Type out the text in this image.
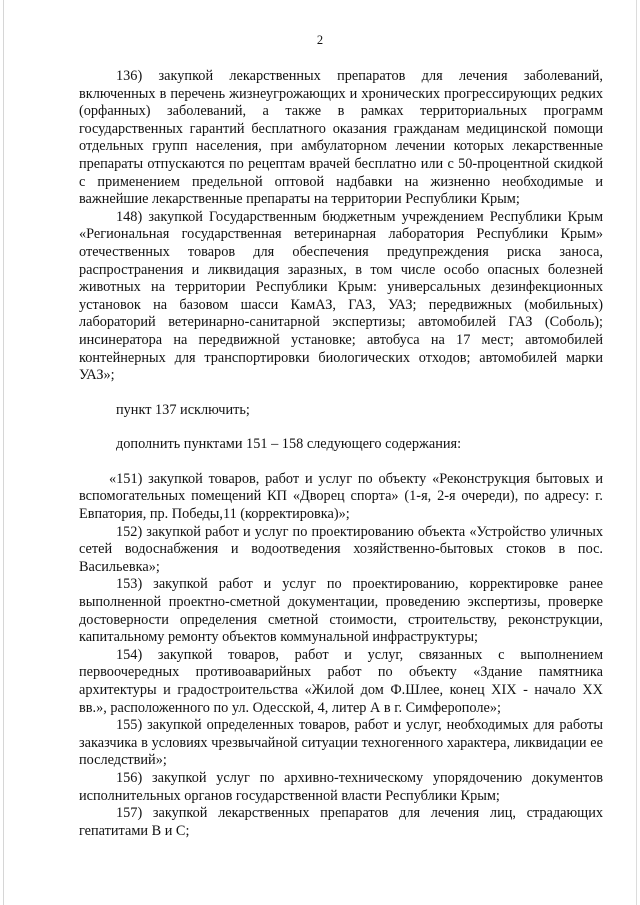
2

136) закупкой лекарственных препаратов для лечения заболеваний, включенных в перечень жизнеугрожающих и хронических прогрессирующих редких (орфанных) заболеваний, а также в рамках территориальных программ государственных гарантий бесплатного оказания гражданам медицинской помощи отдельных групп населения, при амбулаторном лечении которых лекарственные препараты отпускаются по рецептам врачей бесплатно или с 50-процентной скидкой с применением предельной оптовой надбавки на жизненно необходимые и важнейшие лекарственные препараты на территории Республики Крым;

148) закупкой Государственным бюджетным учреждением Республики Крым «Региональная государственная ветеринарная лаборатория Республики Крым» отечественных товаров для обеспечения предупреждения риска заноса, распространения и ликвидация заразных, в том числе особо опасных болезней животных на территории Республики Крым: универсальных дезинфекционных установок на базовом шасси КамАЗ, ГАЗ, УАЗ; передвижных (мобильных) лабораторий ветеринарно-санитарной экспертизы; автомобилей ГАЗ (Соболь); инсинератора на передвижной установке; автобуса на 17 мест; автомобилей контейнерных для транспортировки биологических отходов; автомобилей марки УАЗ»;

пункт 137 исключить;

дополнить пунктами 151 – 158 следующего содержания:

«151) закупкой товаров, работ и услуг по объекту «Реконструкция бытовых и вспомогательных помещений КП «Дворец спорта» (1-я, 2-я очереди), по адресу: г. Евпатория, пр. Победы,11 (корректировка)»;

152) закупкой работ и услуг по проектированию объекта «Устройство уличных сетей водоснабжения и водоотведения хозяйственно-бытовых стоков в пос. Васильевка»;

153) закупкой работ и услуг по проектированию, корректировке ранее выполненной проектно-сметной документации, проведению экспертизы, проверке достоверности определения сметной стоимости, строительству, реконструкции, капитальному ремонту объектов коммунальной инфраструктуры;

154) закупкой товаров, работ и услуг, связанных с выполнением первоочередных противоаварийных работ по объекту «Здание памятника архитектуры и градостроительства «Жилой дом Ф.Шлее, конец XIX - начало XX вв.», расположенного по ул. Одесской, 4, литер А в г. Симферополе»;

155) закупкой определенных товаров, работ и услуг, необходимых для работы заказчика в условиях чрезвычайной ситуации техногенного характера, ликвидации ее последствий»;

156) закупкой услуг по архивно-техническому упорядочению документов исполнительных органов государственной власти Республики Крым;

157) закупкой лекарственных препаратов для лечения лиц, страдающих гепатитами В и С;
